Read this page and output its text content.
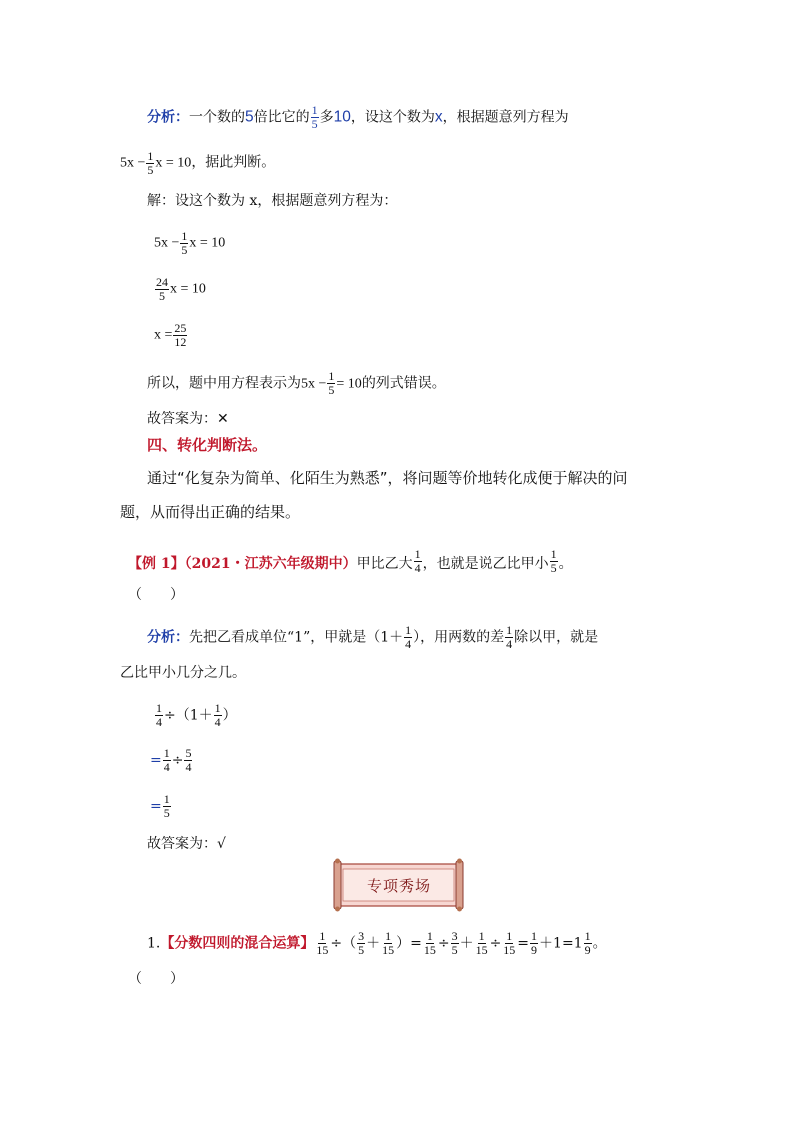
分析：一个数的5倍比它的 $\frac{1}{5}$ 多10，设这个数为x，根据题意列方程为
$5x - \frac{1}{5}$ x = 10，据此判断。
解：设这个数为 x，根据题意列方程为：
$5x - \frac{1}{5}$ x = 10
$\frac{24}{5}$ x = 10
$x = \frac{25}{12}$
所以，题中用方程表示为$5x - \frac{1}{5} = 10$的列式错误。
故答案为：✕
四、转化判断法。
通过“化复杂为简单、化陌生为熟悉”，将问题等价地转化成便于解决的问
题，从而得出正确的结果。
【例 1】（2021・江苏六年级期中）甲比乙大 $\frac{1}{4}$ ，也就是说乙比甲小 $\frac{1}{5}$ 。
（　　）
分析：先把乙看成单位“1”，甲就是（$1+ \frac{1}{4}$ ），用两数的差 $\frac{1}{4}$ 除以甲，就是
乙比甲小几分之几。
$\frac{1}{4} \div(1+ \frac{1}{4}$ ）
= $\frac{1}{4} \div \frac{5}{4}$
= $\frac{1}{5}$
故答案为：√
专项秀场
1.【分数四则的混合运算】 $\frac{1}{15}$ ÷（ $\frac{3}{5} + \frac{1}{15}$ ）= $\frac{1}{15} \div \frac{3}{5} + \frac{1}{15} \div \frac{1}{15} = \frac{1}{9} +1=1 \frac{1}{9}$ 。
（　　）
